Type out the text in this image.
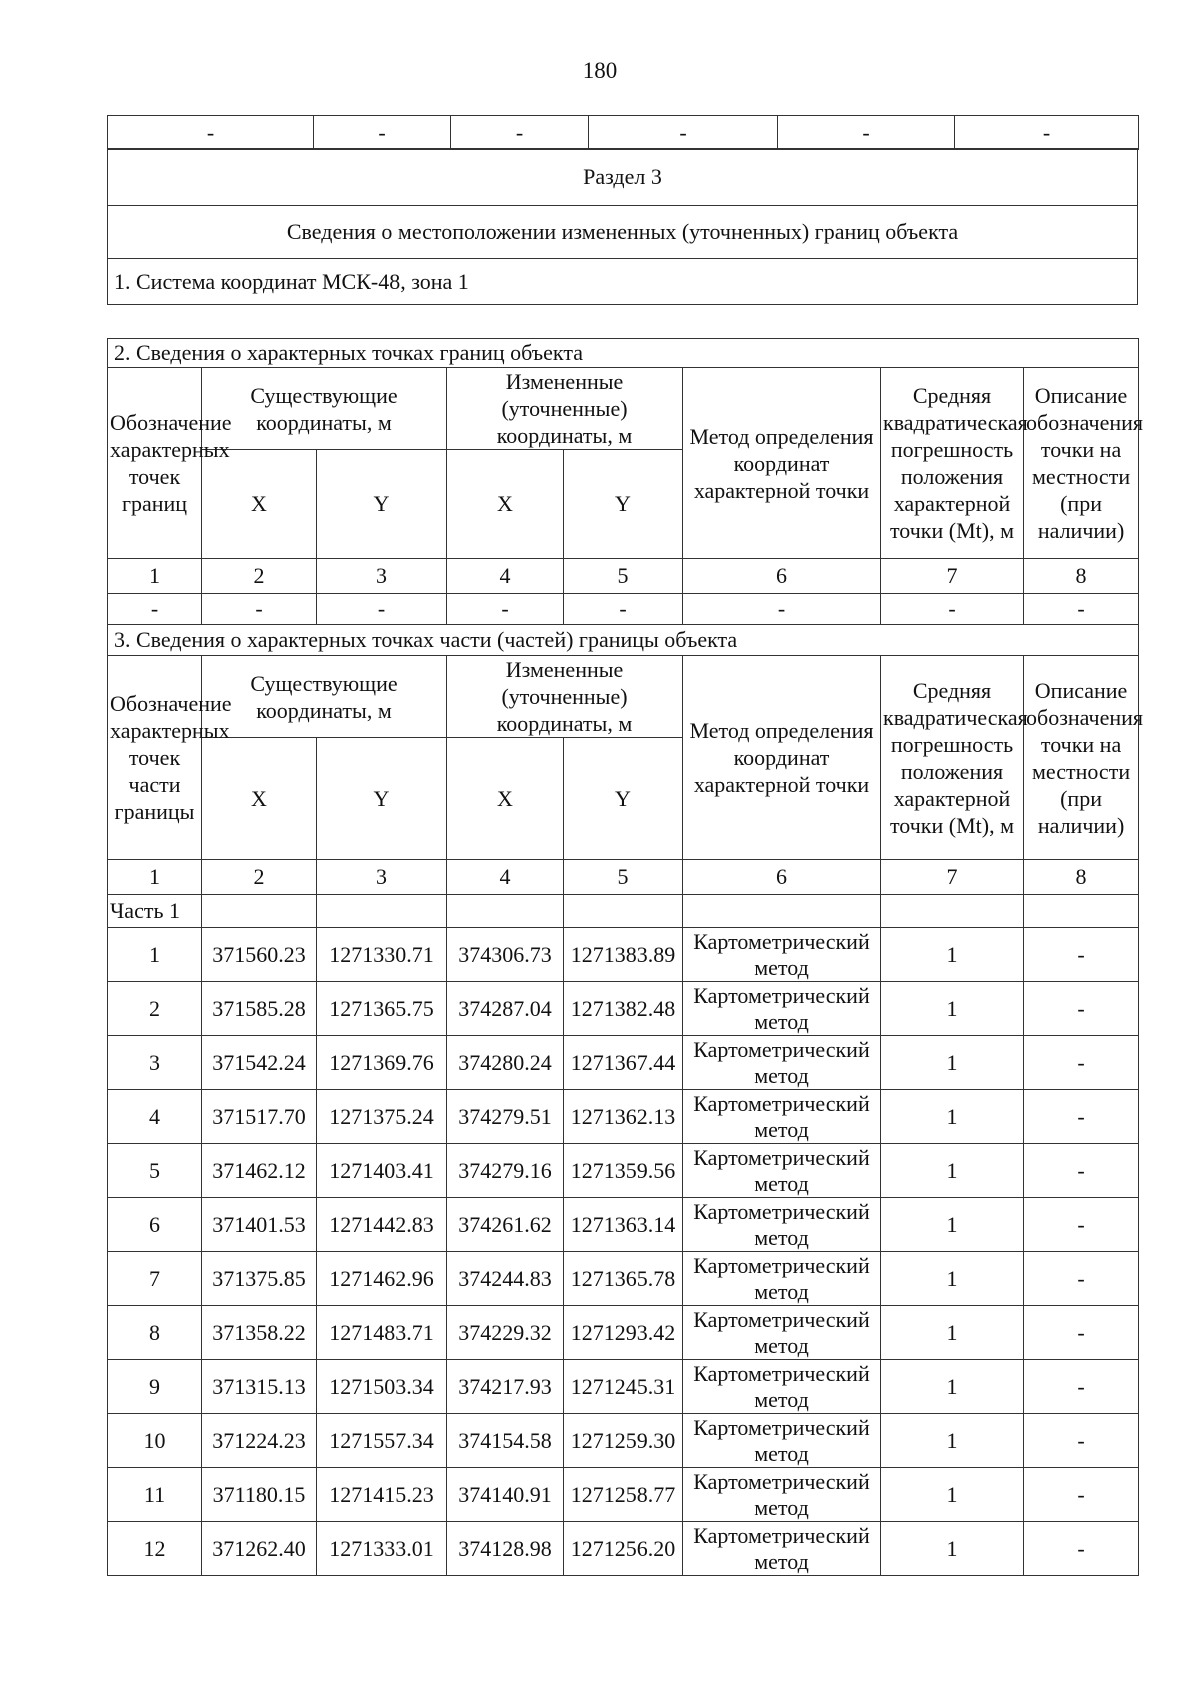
180
-	-	-	-	-	-
Раздел 3
Сведения о местоположении измененных (уточненных) границ объекта
1. Система координат МСК-48, зона 1
2. Сведения о характерных точках границ объекта							
Обозначение характерных точек границ	Существующие координаты, м		Измененные (уточненные) координаты, м		Метод определения координат характерной точки	Средняя квадратическая погрешность положения характерной точки (Mt), м	Описание обозначения точки на местности (при наличии)
	X	Y	X	Y			
1	2	3	4	5	6	7	8
-	-	-	-	-	-	-	-
3. Сведения о характерных точках части (частей) границы объекта							
Обозначение характерных точек части границы	Существующие координаты, м		Измененные (уточненные) координаты, м		Метод определения координат характерной точки	Средняя квадратическая погрешность положения характерной точки (Mt), м	Описание обозначения точки на местности (при наличии)
	X	Y	X	Y			
1	2	3	4	5	6	7	8
Часть 1							
1	371560.23	1271330.71	374306.73	1271383.89	Картометрический метод	1	-
2	371585.28	1271365.75	374287.04	1271382.48	Картометрический метод	1	-
3	371542.24	1271369.76	374280.24	1271367.44	Картометрический метод	1	-
4	371517.70	1271375.24	374279.51	1271362.13	Картометрический метод	1	-
5	371462.12	1271403.41	374279.16	1271359.56	Картометрический метод	1	-
6	371401.53	1271442.83	374261.62	1271363.14	Картометрический метод	1	-
7	371375.85	1271462.96	374244.83	1271365.78	Картометрический метод	1	-
8	371358.22	1271483.71	374229.32	1271293.42	Картометрический метод	1	-
9	371315.13	1271503.34	374217.93	1271245.31	Картометрический метод	1	-
10	371224.23	1271557.34	374154.58	1271259.30	Картометрический метод	1	-
11	371180.15	1271415.23	374140.91	1271258.77	Картометрический метод	1	-
12	371262.40	1271333.01	374128.98	1271256.20	Картометрический метод	1	-
